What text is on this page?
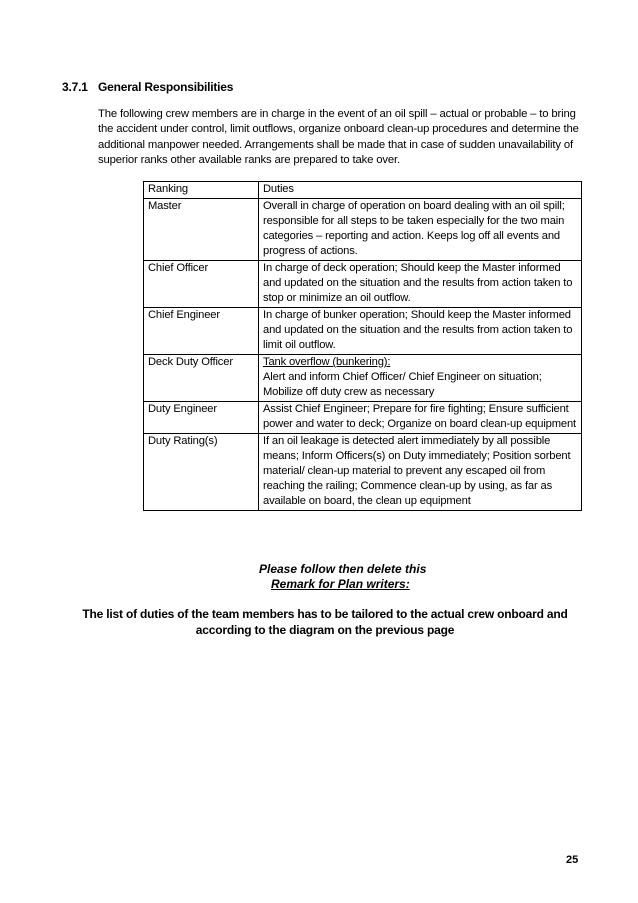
3.7.1 General Responsibilities
The following crew members are in charge in the event of an oil spill – actual or probable – to bring the accident under control, limit outflows, organize onboard clean-up procedures and determine the additional manpower needed. Arrangements shall be made that in case of sudden unavailability of superior ranks other available ranks are prepared to take over.
Ranking	Duties
Master	Overall in charge of operation on board dealing with an oil spill; responsible for all steps to be taken especially for the two main categories – reporting and action. Keeps log off all events and progress of actions.
Chief Officer	In charge of deck operation; Should keep the Master informed and updated on the situation and the results from action taken to stop or minimize an oil outflow.
Chief Engineer	In charge of bunker operation; Should keep the Master informed and updated on the situation and the results from action taken to limit oil outflow.
Deck Duty Officer	Tank overflow (bunkering):
Alert and inform Chief Officer/ Chief Engineer on situation; Mobilize off duty crew as necessary
Duty Engineer	Assist Chief Engineer; Prepare for fire fighting; Ensure sufficient power and water to deck; Organize on board clean-up equipment
Duty Rating(s)	If an oil leakage is detected alert immediately by all possible means; Inform Officers(s) on Duty immediately; Position sorbent material/ clean-up material to prevent any escaped oil from reaching the railing; Commence clean-up by using, as far as available on board, the clean up equipment
Please follow then delete this
Remark for Plan writers:
The list of duties of the team members has to be tailored to the actual crew onboard and according to the diagram on the previous page
25
